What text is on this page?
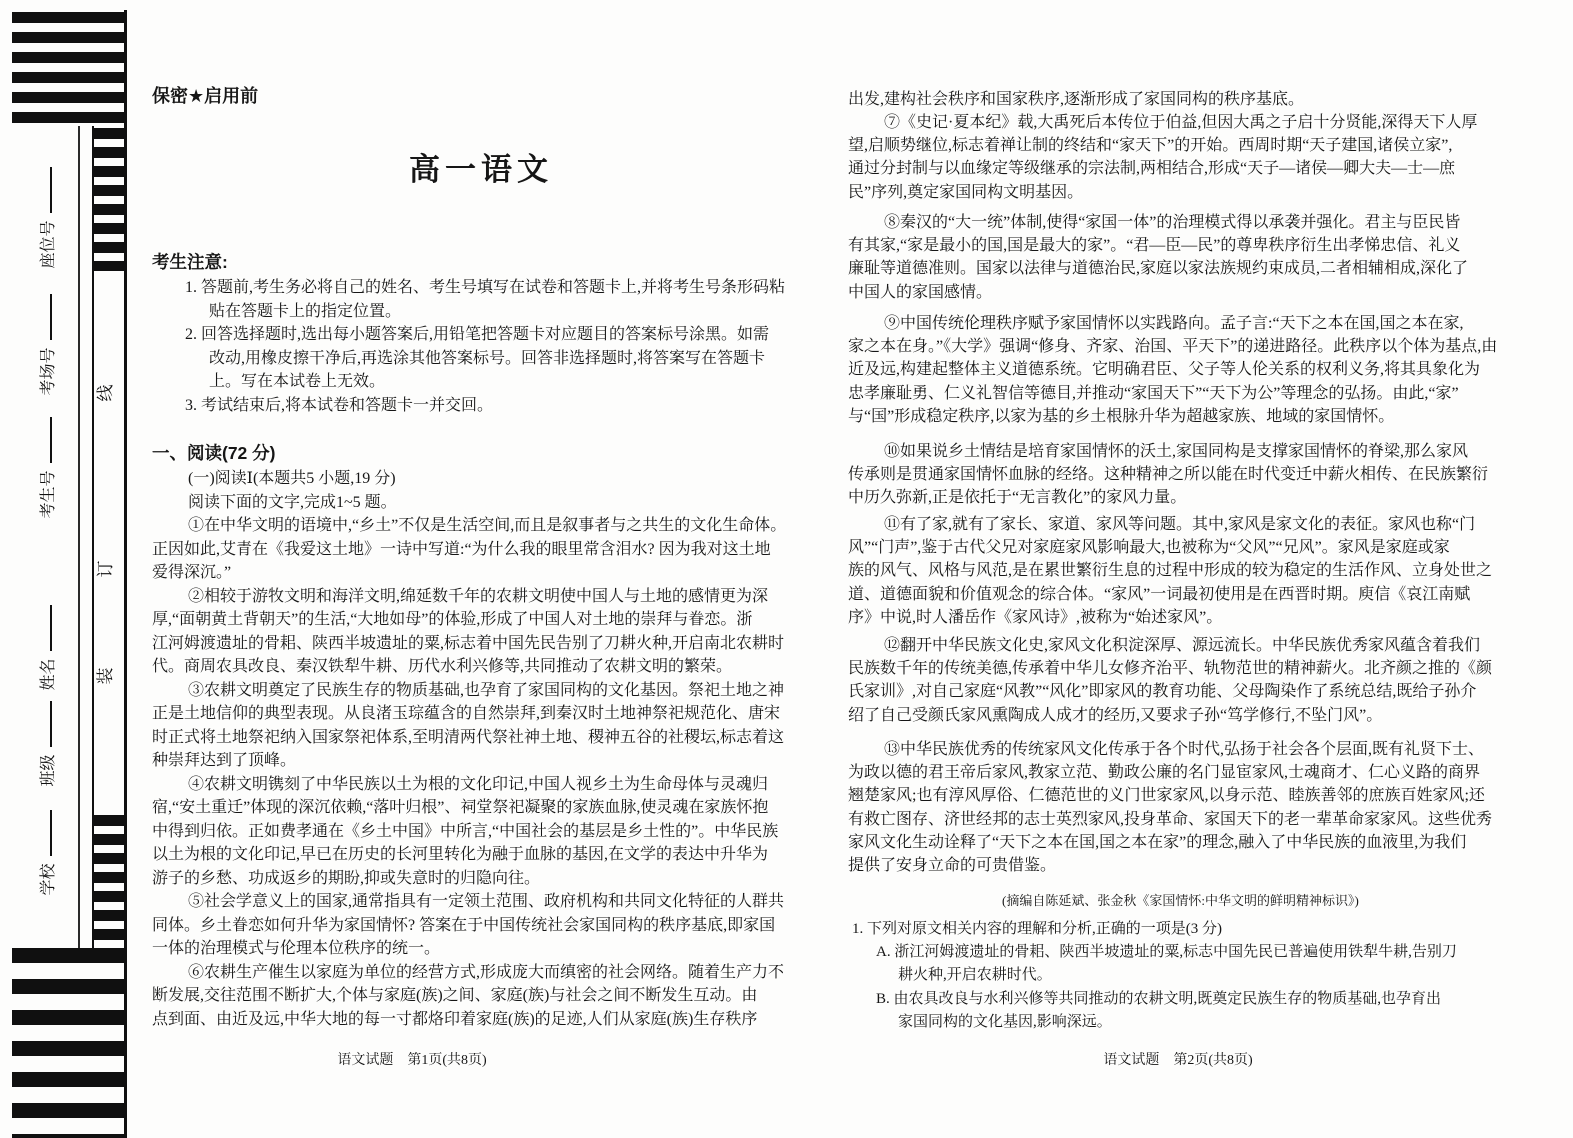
座位号
考场号
考生号
姓名
班级
学校
线
订
装
保密★启用前
高一语文
考生注意:
一、阅读(72 分)
语文试题　第1页(共8页)
1. 答题前,考生务必将自己的姓名、考生号填写在试卷和答题卡上,并将考生号条形码粘
贴在答题卡上的指定位置。
2. 回答选择题时,选出每小题答案后,用铅笔把答题卡对应题目的答案标号涂黑。如需
改动,用橡皮擦干净后,再选涂其他答案标号。回答非选择题时,将答案写在答题卡
上。写在本试卷上无效。
3. 考试结束后,将本试卷和答题卡一并交回。
(一)阅读Ⅰ(本题共5 小题,19 分)
阅读下面的文字,完成1~5 题。
①在中华文明的语境中,“乡土”不仅是生活空间,而且是叙事者与之共生的文化生命体。
正因如此,艾青在《我爱这土地》一诗中写道:“为什么我的眼里常含泪水? 因为我对这土地
爱得深沉。”
②相较于游牧文明和海洋文明,绵延数千年的农耕文明使中国人与土地的感情更为深
厚,“面朝黄土背朝天”的生活,“大地如母”的体验,形成了中国人对土地的崇拜与眷恋。浙
江河姆渡遗址的骨耜、陕西半坡遗址的粟,标志着中国先民告别了刀耕火种,开启南北农耕时
代。商周农具改良、秦汉铁犁牛耕、历代水利兴修等,共同推动了农耕文明的繁荣。
③农耕文明奠定了民族生存的物质基础,也孕育了家国同构的文化基因。祭祀土地之神
正是土地信仰的典型表现。从良渚玉琮蕴含的自然崇拜,到秦汉时土地神祭祀规范化、唐宋
时正式将土地祭祀纳入国家祭祀体系,至明清两代祭社神土地、稷神五谷的社稷坛,标志着这
种崇拜达到了顶峰。
④农耕文明镌刻了中华民族以土为根的文化印记,中国人视乡土为生命母体与灵魂归
宿,“安土重迁”体现的深沉依赖,“落叶归根”、祠堂祭祀凝聚的家族血脉,使灵魂在家族怀抱
中得到归依。正如费孝通在《乡土中国》中所言,“中国社会的基层是乡土性的”。中华民族
以土为根的文化印记,早已在历史的长河里转化为融于血脉的基因,在文学的表达中升华为
游子的乡愁、功成返乡的期盼,抑或失意时的归隐向往。
⑤社会学意义上的国家,通常指具有一定领土范围、政府机构和共同文化特征的人群共
同体。乡土眷恋如何升华为家国情怀? 答案在于中国传统社会家国同构的秩序基底,即家国
一体的治理模式与伦理本位秩序的统一。
⑥农耕生产催生以家庭为单位的经营方式,形成庞大而缜密的社会网络。随着生产力不
断发展,交往范围不断扩大,个体与家庭(族)之间、家庭(族)与社会之间不断发生互动。由
点到面、由近及远,中华大地的每一寸都烙印着家庭(族)的足迹,人们从家庭(族)生存秩序
(摘编自陈延斌、张金秋《家国情怀:中华文明的鲜明精神标识》)
语文试题　第2页(共8页)
出发,建构社会秩序和国家秩序,逐渐形成了家国同构的秩序基底。
⑦《史记·夏本纪》载,大禹死后本传位于伯益,但因大禹之子启十分贤能,深得天下人厚
望,启顺势继位,标志着禅让制的终结和“家天下”的开始。西周时期“天子建国,诸侯立家”,
通过分封制与以血缘定等级继承的宗法制,两相结合,形成“天子—诸侯—卿大夫—士—庶
民”序列,奠定家国同构文明基因。
⑧秦汉的“大一统”体制,使得“家国一体”的治理模式得以承袭并强化。君主与臣民皆
有其家,“家是最小的国,国是最大的家”。“君—臣—民”的尊卑秩序衍生出孝悌忠信、礼义
廉耻等道德准则。国家以法律与道德治民,家庭以家法族规约束成员,二者相辅相成,深化了
中国人的家国感情。
⑨中国传统伦理秩序赋予家国情怀以实践路向。孟子言:“天下之本在国,国之本在家,
家之本在身。”《大学》强调“修身、齐家、治国、平天下”的递进路径。此秩序以个体为基点,由
近及远,构建起整体主义道德系统。它明确君臣、父子等人伦关系的权利义务,将其具象化为
忠孝廉耻勇、仁义礼智信等德目,并推动“家国天下”“天下为公”等理念的弘扬。由此,“家”
与“国”形成稳定秩序,以家为基的乡土根脉升华为超越家族、地域的家国情怀。
⑩如果说乡土情结是培育家国情怀的沃土,家国同构是支撑家国情怀的脊梁,那么家风
传承则是贯通家国情怀血脉的经络。这种精神之所以能在时代变迁中薪火相传、在民族繁衍
中历久弥新,正是依托于“无言教化”的家风力量。
⑪有了家,就有了家长、家道、家风等问题。其中,家风是家文化的表征。家风也称“门
风”“门声”,鉴于古代父兄对家庭家风影响最大,也被称为“父风”“兄风”。家风是家庭或家
族的风气、风格与风范,是在累世繁衍生息的过程中形成的较为稳定的生活作风、立身处世之
道、道德面貌和价值观念的综合体。“家风”一词最初使用是在西晋时期。庾信《哀江南赋
序》中说,时人潘岳作《家风诗》,被称为“始述家风”。
⑫翻开中华民族文化史,家风文化积淀深厚、源远流长。中华民族优秀家风蕴含着我们
民族数千年的传统美德,传承着中华儿女修齐治平、轨物范世的精神薪火。北齐颜之推的《颜
氏家训》,对自己家庭“风教”“风化”即家风的教育功能、父母陶染作了系统总结,既给子孙介
绍了自己受颜氏家风熏陶成人成才的经历,又要求子孙“笃学修行,不坠门风”。
⑬中华民族优秀的传统家风文化传承于各个时代,弘扬于社会各个层面,既有礼贤下士、
为政以德的君王帝后家风,教家立范、勤政公廉的名门显宦家风,士魂商才、仁心义路的商界
翘楚家风;也有淳风厚俗、仁德范世的义门世家家风,以身示范、睦族善邻的庶族百姓家风;还
有救亡图存、济世经邦的志士英烈家风,投身革命、家国天下的老一辈革命家家风。这些优秀
家风文化生动诠释了“天下之本在国,国之本在家”的理念,融入了中华民族的血液里,为我们
提供了安身立命的可贵借鉴。
1. 下列对原文相关内容的理解和分析,正确的一项是(3 分)
A. 浙江河姆渡遗址的骨耜、陕西半坡遗址的粟,标志中国先民已普遍使用铁犁牛耕,告别刀
耕火种,开启农耕时代。
B. 由农具改良与水利兴修等共同推动的农耕文明,既奠定民族生存的物质基础,也孕育出
家国同构的文化基因,影响深远。
